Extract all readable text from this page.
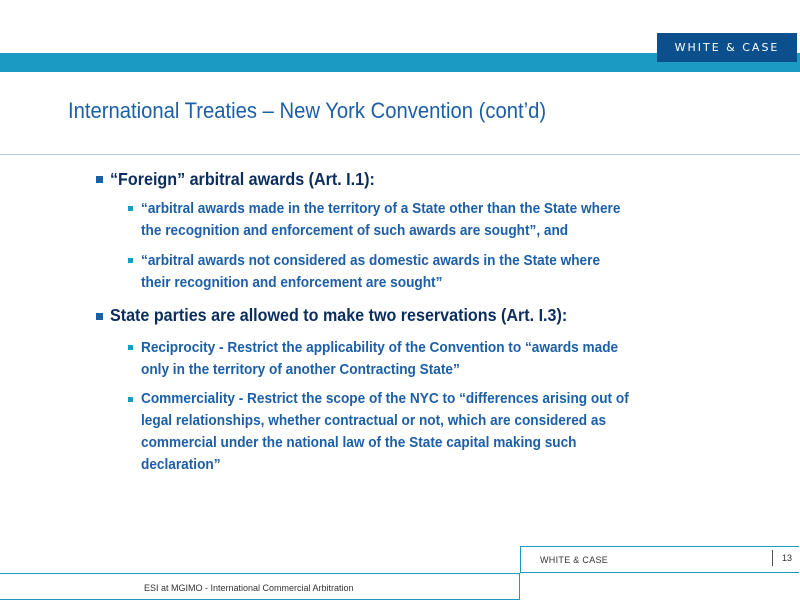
WHITE & CASE
International Treaties – New York Convention (cont’d)

“Foreign” arbitral awards (Art. I.1):

“arbitral awards made in the territory of a State other than the State where
the recognition and enforcement of such awards are sought”, and

“arbitral awards not considered as domestic awards in the State where
their recognition and enforcement are sought”

State parties are allowed to make two reservations (Art. I.3):

Reciprocity - Restrict the applicability of the Convention to “awards made
only in the territory of another Contracting State”

Commerciality - Restrict the scope of the NYC to “differences arising out of
legal relationships, whether contractual or not, which are considered as
commercial under the national law of the State capital making such
declaration”

WHITE & CASE	13
ESI at MGIMO - International Commercial Arbitration
